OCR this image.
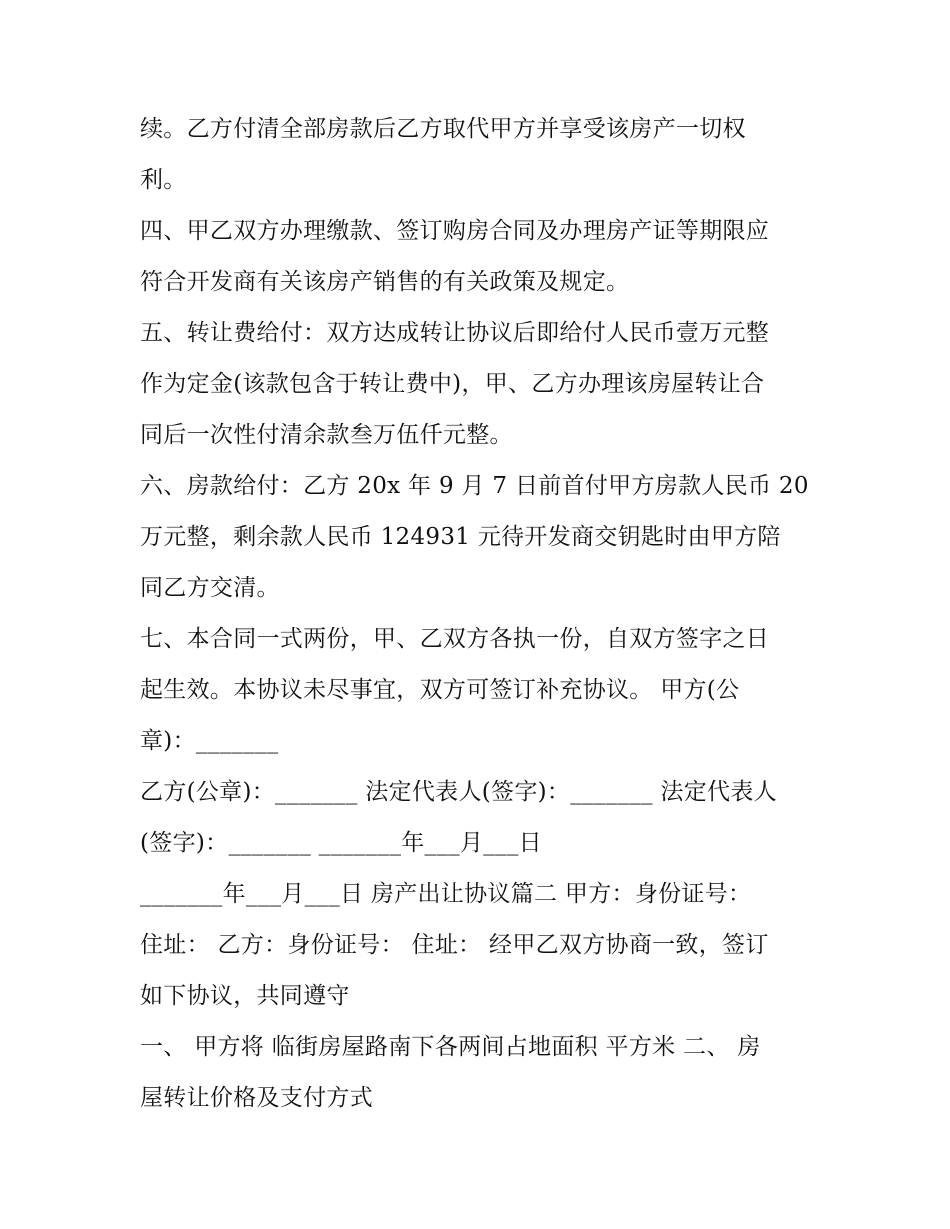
续。乙方付清全部房款后乙方取代甲方并享受该房产一切权
利。
四、甲乙双方办理缴款、签订购房合同及办理房产证等期限应
符合开发商有关该房产销售的有关政策及规定。
五、转让费给付：双方达成转让协议后即给付人民币壹万元整
作为定金(该款包含于转让费中)，甲、乙方办理该房屋转让合
同后一次性付清余款叁万伍仟元整。
六、房款给付：乙方 20x 年 9 月 7 日前首付甲方房款人民币 20
万元整，剩余款人民币 124931 元待开发商交钥匙时由甲方陪
同乙方交清。
七、本合同一式两份，甲、乙双方各执一份，自双方签字之日
起生效。本协议未尽事宜，双方可签订补充协议。 甲方(公
章)：_______
乙方(公章)：_______ 法定代表人(签字)：_______ 法定代表人
(签字)：_______ _______年___月___日
_______年___月___日 房产出让协议篇二 甲方：身份证号：
住址： 乙方：身份证号： 住址： 经甲乙双方协商一致，签订
如下协议，共同遵守
一、 甲方将 临街房屋路南下各两间占地面积 平方米 二、 房
屋转让价格及支付方式
